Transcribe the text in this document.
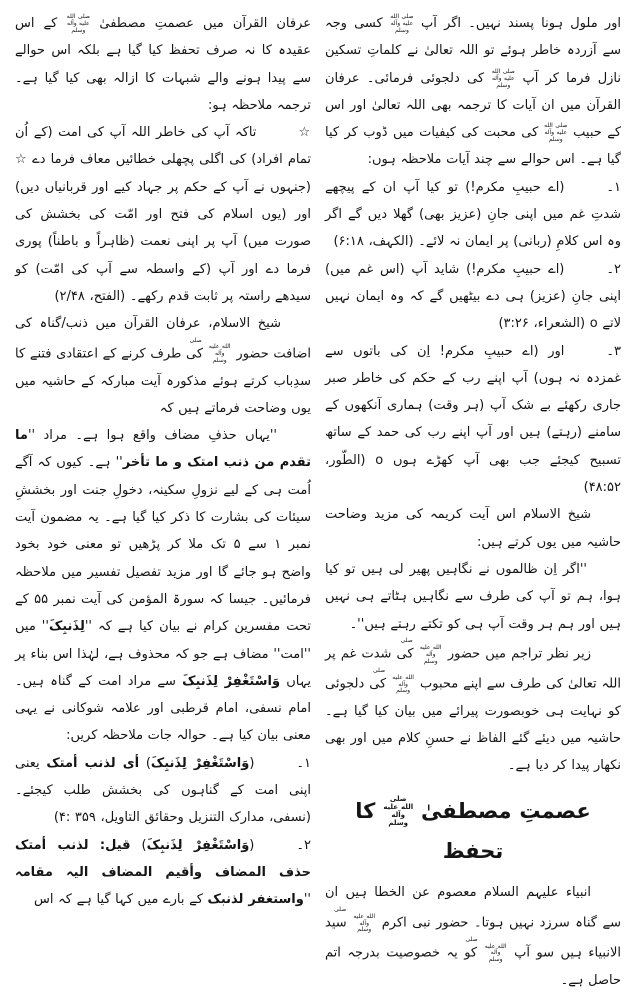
اور ملول ہونا پسند نہیں۔ اگر آپ صلى الله عليه وآله وسلم کسی وجہ سے آزردہ خاطر ہوئے تو اللہ تعالیٰ نے کلماتِ تسکین نازل فرما کر آپ صلى الله عليه وآله وسلم کی دلجوئی فرمائی۔ عرفان القرآن میں ان آیات کا ترجمہ بھی اللہ تعالیٰ اور اس کے حبیب صلى الله عليه وآله وسلم کی محبت کی کیفیات میں ڈوب کر کیا گیا ہے۔ اس حوالے سے چند آیات ملاحظہ ہوں:
۱۔(اے حبیبِ مکرم!) تو کیا آپ ان کے پیچھے شدتِ غم میں اپنی جانِ (عزیز بھی) گھلا دیں گے اگر وہ اس کلامِ (ربانی) پر ایمان نہ لائے۔ (الکہف، ۶:۱۸)
۲۔(اے حبیبِ مکرم!) شاید آپ (اس غم میں) اپنی جانِ (عزیز) ہی دے بیٹھیں گے کہ وہ ایمان نہیں لاتے o (الشعراء، ۳:۲۶)
۳۔اور (اے حبیبِ مکرم! اِن کی باتوں سے غمزدہ نہ ہوں) آپ اپنے رب کے حکم کی خاطر صبر جاری رکھئے بے شک آپ (ہر وقت) ہماری آنکھوں کے سامنے (رہتے) ہیں اور آپ اپنے رب کی حمد کے ساتھ تسبیح کیجئے جب بھی آپ کھڑے ہوں o (الطّور، ۴۸:۵۲)
شیخ الاسلام اس آیت کریمہ کی مزید وضاحت حاشیہ میں یوں کرتے ہیں:
''اگر اِن ظالموں نے نگاہیں پھیر لی ہیں تو کیا ہوا، ہم تو آپ کی طرف سے نگاہیں ہٹاتے ہی نہیں ہیں اور ہم ہر وقت آپ ہی کو تکتے رہتے ہیں''۔
زیر نظر تراجم میں حضور صلى الله عليه وآله وسلم کی شدت غم پر اللہ تعالیٰ کی طرف سے اپنے محبوب صلى الله عليه وآله وسلم کی دلجوئی کو نہایت ہی خوبصورت پیرائے میں بیان کیا گیا ہے۔ حاشیہ میں دیئے گئے الفاظ نے حسنِ کلام میں اور بھی نکھار پیدا کر دیا ہے۔
عصمتِ مصطفیٰ صلى الله عليه وآله وسلم کا تحفظ
انبیاء علیہم السلام معصوم عن الخطا ہیں ان سے گناہ سرزد نہیں ہوتا۔ حضور نبی اکرم صلى الله عليه وآله وسلم سید الانبیاء ہیں سو آپ صلى الله عليه وآله وسلم کو یہ خصوصیت بدرجہ اتم حاصل ہے۔
عرفان القرآن میں عصمتِ مصطفیٰ صلى الله عليه وآله وسلم کے اس عقیدہ کا نہ صرف تحفظ کیا گیا ہے بلکہ اس حوالے سے پیدا ہونے والے شبہات کا ازالہ بھی کیا گیا ہے۔ ترجمہ ملاحظہ ہو:
☆تاکہ آپ کی خاطر اللہ آپ کی امت (کے اُن تمام افراد) کی اگلی پچھلی خطائیں معاف فرما دے ☆ (جنہوں نے آپ کے حکم پر جہاد کیے اور قربانیاں دیں) اور (یوں اسلام کی فتح اور امّت کی بخشش کی صورت میں) آپ پر اپنی نعمت (ظاہراً و باطناً) پوری فرما دے اور آپ (کے واسطہ سے آپ کی امّت) کو سیدھے راستہ پر ثابت قدم رکھے۔ (الفتح، ۲/۴۸)
شیخ الاسلام، عرفان القرآن میں ذنب/گناہ کی اضافت حضور صلى الله عليه وآله وسلم کی طرف کرنے کے اعتقادی فتنے کا سدِباب کرتے ہوئے مذکورہ آیت مبارکہ کے حاشیہ میں یوں وضاحت فرماتے ہیں کہ
''یہاں حذفِ مضاف واقع ہوا ہے۔ مراد ''ما تقدم من ذنب امتک و ما تأخر'' ہے۔ کیوں کہ آگے اُمت ہی کے لیے نزولِ سکینہ، دخولِ جنت اور بخششِ سیئات کی بشارت کا ذکر کیا گیا ہے۔ یہ مضمون آیت نمبر ۱ سے ۵ تک ملا کر پڑھیں تو معنی خود بخود واضح ہو جائے گا اور مزید تفصیل تفسیر میں ملاحظہ فرمائیں۔ جیسا کہ سورۃ المؤمن کی آیت نمبر ۵۵ کے تحت مفسرین کرام نے بیان کیا ہے کہ ''لِذَنبِکَ'' میں ''امت'' مضاف ہے جو کہ محذوف ہے، لہٰذا اس بناء پر یہاں وَاسْتَغْفِرْ لِذَنبِکَ سے مراد امت کے گناہ ہیں۔ امام نسفی، امام قرطبی اور علامہ شوکانی نے یہی معنی بیان کیا ہے۔ حوالہ جات ملاحظہ کریں:
۱۔(وَاسْتَغْفِرْ لِذَنبِکَ) أی لذنب أمتک یعنی اپنی امت کے گناہوں کی بخشش طلب کیجئے۔ (نسفی، مدارک التنزیل وحقائق التاویل، ۴: ۳۵۹)
۲۔(وَاسْتَغْفِرْ لِذَنبِکَ) قیل: لذنب أمتک حذف المضاف وأقیم المضاف الیہ مقامہ ''واستغفر لذنبک کے بارے میں کہا گیا ہے کہ اس
